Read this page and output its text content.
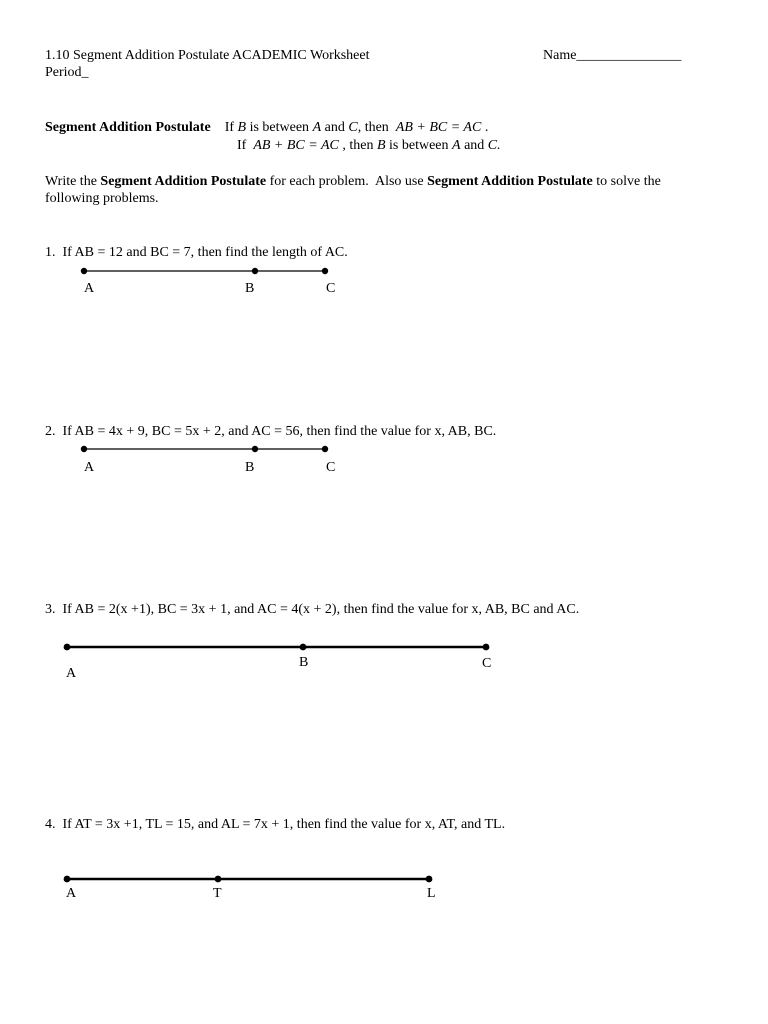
1.10 Segment Addition Postulate ACADEMIC Worksheet	Name_______________
Period_
Segment Addition Postulate If B is between A and C, then AB + BC = AC .
If AB + BC = AC , then B is between A and C.
Write the Segment Addition Postulate for each problem.  Also use Segment Addition Postulate to solve the
following problems.
1. If AB = 12 and BC = 7, then find the length of AC.
A	B	C
2. If AB = 4x + 9, BC = 5x + 2, and AC = 56, then find the value for x, AB, BC.
A	B	C
3. If AB = 2(x +1), BC = 3x + 1, and AC = 4(x + 2), then find the value for x, AB, BC and AC.
A
B	C
4. If AT = 3x +1, TL = 15, and AL = 7x + 1, then find the value for x, AT, and TL.
A	T	L
